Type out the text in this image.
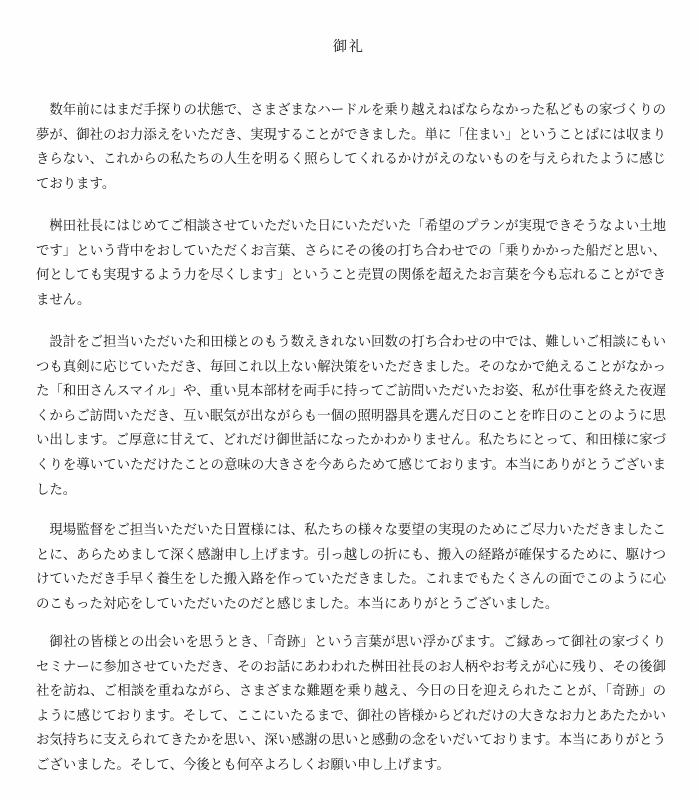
御礼

数年前にはまだ手探りの状態で、さまざまなハードルを乗り越えねばならなかった私どもの家づくりの夢が、御社のお力添えをいただき、実現することができました。単に「住まい」ということばには収まりきらない、これからの私たちの人生を明るく照らしてくれるかけがえのないものを与えられたように感じております。

桝田社長にはじめてご相談させていただいた日にいただいた「希望のプランが実現できそうなよい土地です」という背中をおしていただくお言葉、さらにその後の打ち合わせでの「乗りかかった船だと思い、何としても実現するよう力を尽くします」ということ売買の関係を超えたお言葉を今も忘れることができません。

設計をご担当いただいた和田様とのもう数えきれない回数の打ち合わせの中では、難しいご相談にもいつも真剣に応じていただき、毎回これ以上ない解決策をいただきました。そのなかで絶えることがなかった「和田さんスマイル」や、重い見本部材を両手に持ってご訪問いただいたお姿、私が仕事を終えた夜遅くからご訪問いただき、互い眠気が出ながらも一個の照明器具を選んだ日のことを昨日のことのように思い出します。ご厚意に甘えて、どれだけ御世話になったかわかりません。私たちにとって、和田様に家づくりを導いていただけたことの意味の大きさを今あらためて感じております。本当にありがとうございました。

現場監督をご担当いただいた日置様には、私たちの様々な要望の実現のためにご尽力いただきましたことに、あらためまして深く感謝申し上げます。引っ越しの折にも、搬入の経路が確保するために、駆けつけていただき手早く養生をした搬入路を作っていただきました。これまでもたくさんの面でこのように心のこもった対応をしていただいたのだと感じました。本当にありがとうございました。

御社の皆様との出会いを思うとき、「奇跡」という言葉が思い浮かびます。ご縁あって御社の家づくりセミナーに参加させていただき、そのお話にあわわれた桝田社長のお人柄やお考えが心に残り、その後御社を訪ね、ご相談を重ねながら、さまざまな難題を乗り越え、今日の日を迎えられたことが、「奇跡」のように感じております。そして、ここにいたるまで、御社の皆様からどれだけの大きなお力とあたたかいお気持ちに支えられてきたかを思い、深い感謝の思いと感動の念をいだいております。本当にありがとうございました。そして、今後とも何卒よろしくお願い申し上げます。
